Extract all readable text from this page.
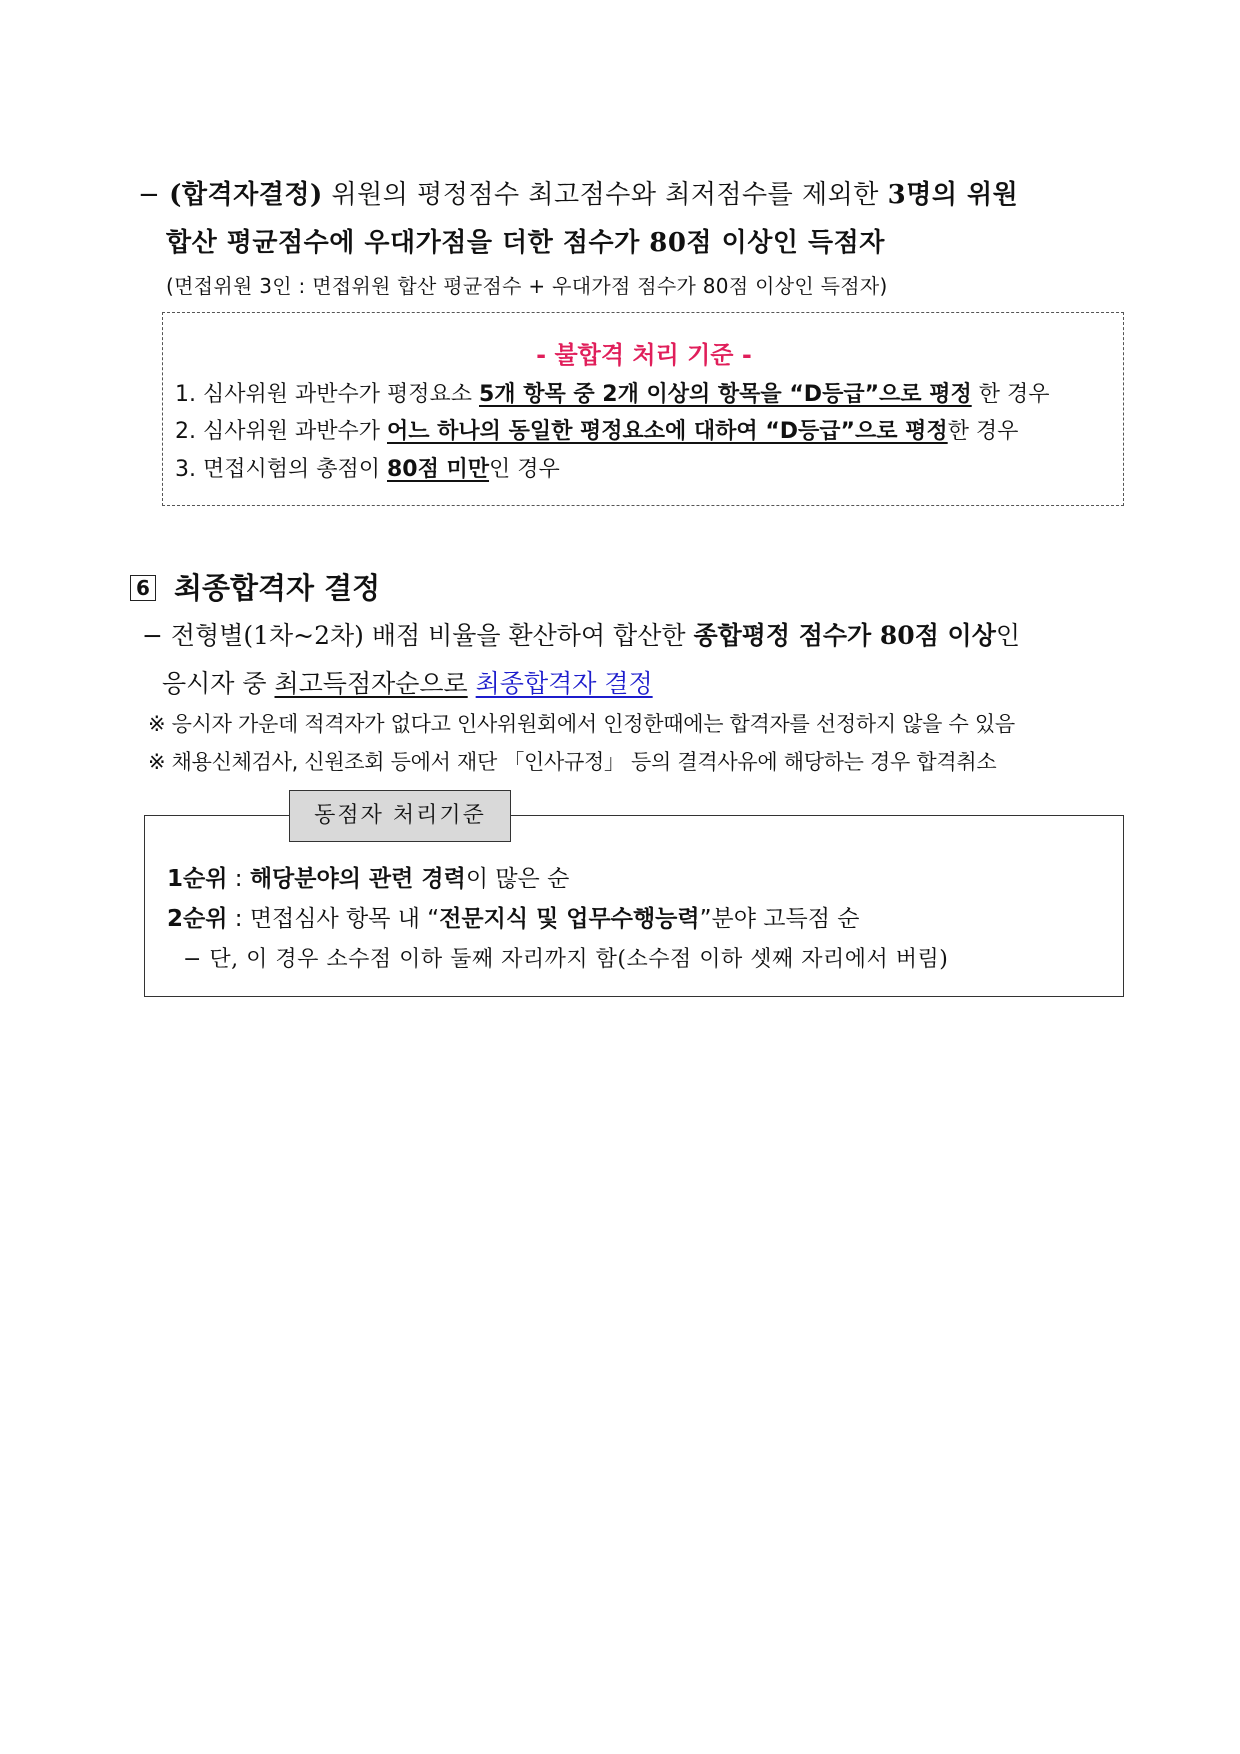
− (합격자결정) 위원의 평정점수 최고점수와 최저점수를 제외한 3명의 위원
합산 평균점수에 우대가점을 더한 점수가 80점 이상인 득점자
(면접위원 3인 : 면접위원 합산 평균점수 + 우대가점 점수가 80점 이상인 득점자)
- 불합격 처리 기준 -
1. 심사위원 과반수가 평정요소 5개 항목 중 2개 이상의 항목을 “D등급”으로 평정 한 경우
2. 심사위원 과반수가 어느 하나의 동일한 평정요소에 대하여 “D등급”으로 평정한 경우
3. 면접시험의 총점이 80점 미만인 경우
6 최종합격자 결정
− 전형별(1차~2차) 배점 비율을 환산하여 합산한 종합평정 점수가 80점 이상인
응시자 중 최고득점자순으로 최종합격자 결정
※ 응시자 가운데 적격자가 없다고 인사위원회에서 인정한때에는 합격자를 선정하지 않을 수 있음
※ 채용신체검사, 신원조회 등에서 재단 「인사규정」 등의 결격사유에 해당하는 경우 합격취소
1순위 : 해당분야의 관련 경력이 많은 순
2순위 : 면접심사 항목 내 “전문지식 및 업무수행능력”분야 고득점 순
− 단, 이 경우 소수점 이하 둘째 자리까지 함(소수점 이하 셋째 자리에서 버림)
동점자 처리기준
